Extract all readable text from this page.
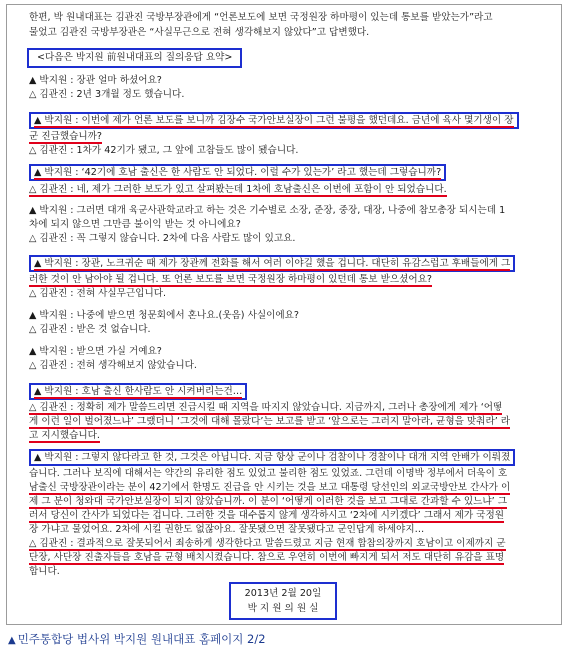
한편, 박 원내대표는 김관진 국방부장관에게 “언론보도에 보면 국정원장 하마평이 있는데 통보를 받았는가”라고
물었고 김관진 국방부장관은 “사실무근으로 전혀 생각해보지 않았다”고 답변했다.
<다음은 박지원 前원내대표의 질의응답 요약>
▲ 박지원 : 장관 얼마 하셨어요?
△ 김관진 : 2년 3개월 정도 했습니다.
▲ 박지원 : 이번에 제가 언론 보도를 보니까 김장수 국가안보실장이 그런 불평을 했던데요. 금년에 육사 몇기생이 장
군 진급했습니까?
△ 김관진 : 1차가 42기가 됐고, 그 앞에 고참들도 많이 됐습니다.
▲ 박지원 : ‘42기에 호남 출신은 한 사람도 안 되었다. 이럴 수가 있는가’ 라고 했는데 그렇습니까?
△ 김관진 : 네, 제가 그러한 보도가 있고 살펴봤는데 1차에 호남출신은 이번에 포함이 안 되었습니다.
▲ 박지원 : 그러면 대개 육군사관학교라고 하는 것은 기수별로 소장, 준장, 중장, 대장, 나중에 참모총장 되시는데 1
차에 되지 않으면 그만큼 불이익 받는 것 아니에요?
△ 김관진 : 꼭 그렇지 않습니다. 2차에 다음 사람도 많이 있고요.
▲ 박지원 : 장관, 노크귀순 때 제가 장관께 전화를 해서 여러 이야길 했을 겁니다. 대단히 유감스럽고 후배들에게 그
러한 것이 안 남아야 될 겁니다. 또 언론 보도를 보면 국정원장 하마평이 있던데 통보 받으셨어요?
△ 김관진 : 전혀 사실무근입니다.
▲ 박지원 : 나중에 받으면 청문회에서 혼나요.(웃음) 사실이에요?
△ 김관진 : 받은 것 없습니다.
▲ 박지원 : 받으면 가실 거예요?
△ 김관진 : 전혀 생각해보지 않았습니다.
▲ 박지원 : 호남 출신 한사람도 안 시켜버리는건…
△ 김관진 : 정확히 제가 말씀드리면 진급시킬 때 지역을 따지지 않았습니다. 지금까지, 그러나 총장에게 제가 ‘어떻
게 이런 일이 벌어졌느냐’ 그랬더니 ‘그것에 대해 몰랐다’는 보고를 받고 ‘앞으로는 그러지 말아라, 균형을 맞춰라’ 라
고 지시했습니다.
▲ 박지원 : 그렇지 않다라고 한 것, 그것은 아닙니다. 지금 항상 군이나 검찰이나 경찰이나 대개 지역 안배가 이뤄졌
습니다. 그러나 보직에 대해서는 약간의 유리한 점도 있었고 불리한 점도 있었죠. 그런데 이명박 정부에서 더욱이 호
남출신 국방장관이라는 분이 42기에서 한명도 진급을 안 시키는 것을 보고 대통령 당선인의 외교국방안보 간사가 이
제 그 분이 청와대 국가안보실장이 되지 않았습니까. 이 분이 ‘어떻게 이러한 것을 보고 그대로 간과할 수 있느냐’ 그
러서 당신이 간사가 되었다는 겁니다. 그러한 것을 대수롭지 않게 생각하시고 ‘2차에 시키겠다’ 그래서 제가 국정원
장 가냐고 물었어요. 2차에 시킬 권한도 없잖아요. 잘못됐으면 잘못됐다고 군인답게 하세야지…
△ 김관진 : 결과적으로 잘못되어서 죄송하게 생각한다고 말씀드렸고 지금 현재 합참의장까지 호남이고 이제까지 군
단장, 사단장 진출자들을 호남을 균형 배치시켰습니다. 참으로 우연히 이번에 빠지게 되서 저도 대단히 유감을 표명
합니다.
2013년 2월 20일
박 지 원 의 원 실
▲ 민주통합당 법사위 박지원 원내대표 홈페이지 2/2
